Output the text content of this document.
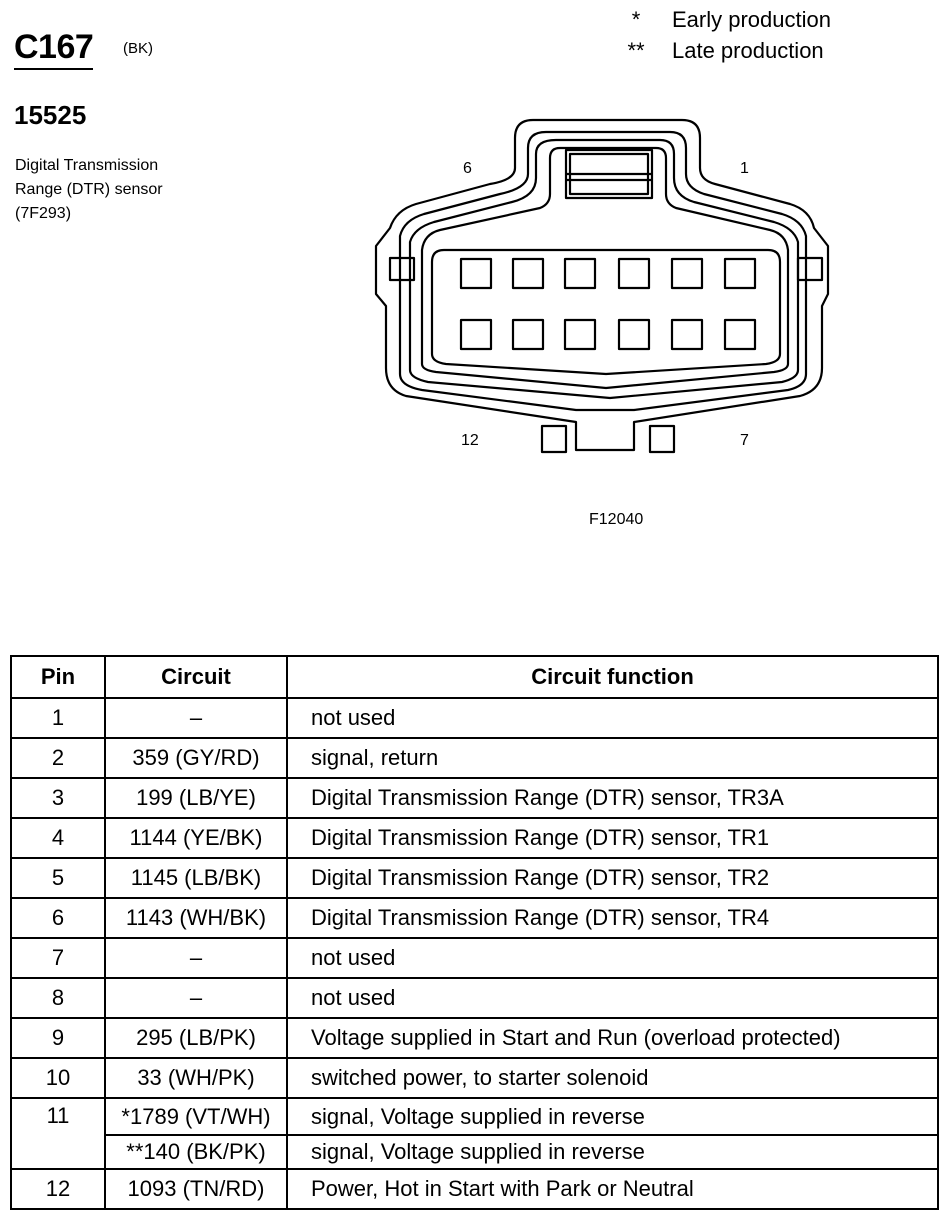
C167 (BK)
15525
Digital Transmission Range (DTR) sensor (7F293)
*	Early production
**	Late production
6	1
12	7
F12040
Pin	Circuit	Circuit function
1	–	not used
2	359 (GY/RD)	signal, return
3	199 (LB/YE)	Digital Transmission Range (DTR) sensor, TR3A
4	1144 (YE/BK)	Digital Transmission Range (DTR) sensor, TR1
5	1145 (LB/BK)	Digital Transmission Range (DTR) sensor, TR2
6	1143 (WH/BK)	Digital Transmission Range (DTR) sensor, TR4
7	–	not used
8	–	not used
9	295 (LB/PK)	Voltage supplied in Start and Run (overload protected)
10	33 (WH/PK)	switched power, to starter solenoid
11	*1789 (VT/WH)	signal, Voltage supplied in reverse
	**140 (BK/PK)	signal, Voltage supplied in reverse
12	1093 (TN/RD)	Power, Hot in Start with Park or Neutral
